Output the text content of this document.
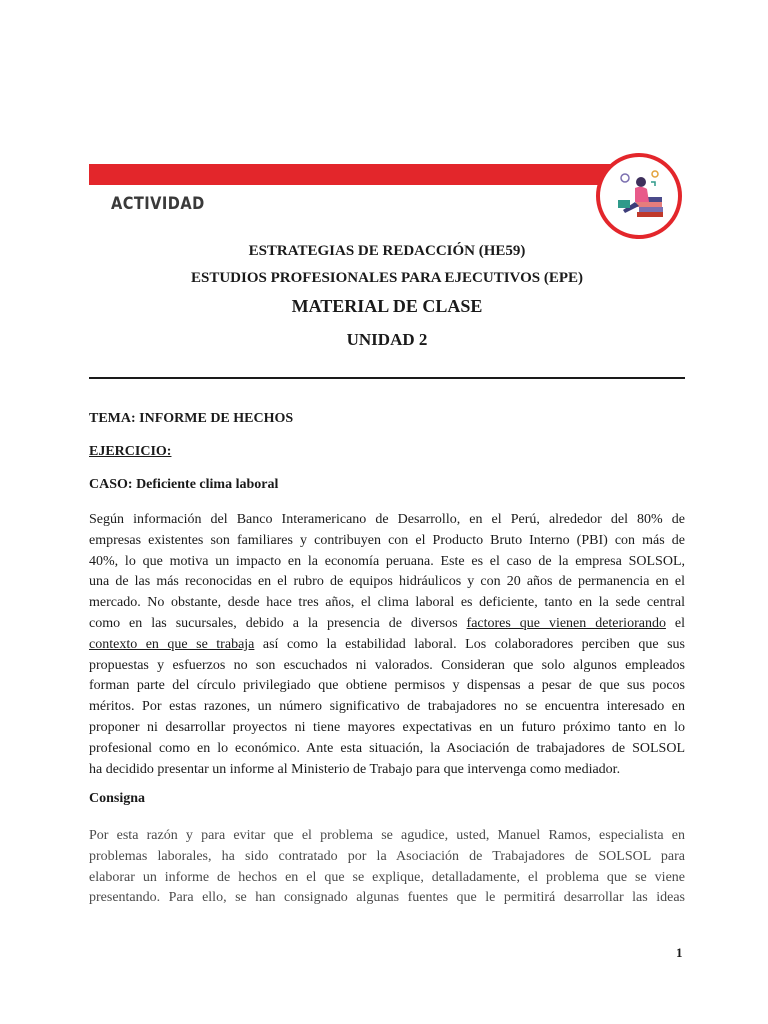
ACTIVIDAD
ESTRATEGIAS DE REDACCIÓN (HE59)
ESTUDIOS PROFESIONALES PARA EJECUTIVOS (EPE)
MATERIAL DE CLASE
UNIDAD 2
TEMA: INFORME DE HECHOS
EJERCICIO:
CASO: Deficiente clima laboral
Según información del Banco Interamericano de Desarrollo, en el Perú, alrededor del 80% de
empresas existentes son familiares y contribuyen con el Producto Bruto Interno (PBI) con más de
40%, lo que motiva un impacto en la economía peruana. Este es el caso de la empresa SOLSOL,
una de las más reconocidas en el rubro de equipos hidráulicos y con 20 años de permanencia en el
mercado. No obstante, desde hace tres años, el clima laboral es deficiente, tanto en la sede central
como en las sucursales, debido a la presencia de diversos factores que vienen deteriorando el
contexto en que se trabaja así como la estabilidad laboral. Los colaboradores perciben que sus
propuestas y esfuerzos no son escuchados ni valorados. Consideran que solo algunos empleados
forman parte del círculo privilegiado que obtiene permisos y dispensas a pesar de que sus pocos
méritos. Por estas razones, un número significativo de trabajadores no se encuentra interesado en
proponer ni desarrollar proyectos ni tiene mayores expectativas en un futuro próximo tanto en lo
profesional como en lo económico. Ante esta situación, la Asociación de trabajadores de SOLSOL
ha decidido presentar un informe al Ministerio de Trabajo para que intervenga como mediador.
Consigna
Por esta razón y para evitar que el problema se agudice, usted, Manuel Ramos, especialista en
problemas laborales, ha sido contratado por la Asociación de Trabajadores de SOLSOL para
elaborar un informe de hechos en el que se explique, detalladamente, el problema que se viene
presentando. Para ello, se han consignado algunas fuentes que le permitirá desarrollar las ideas
1
